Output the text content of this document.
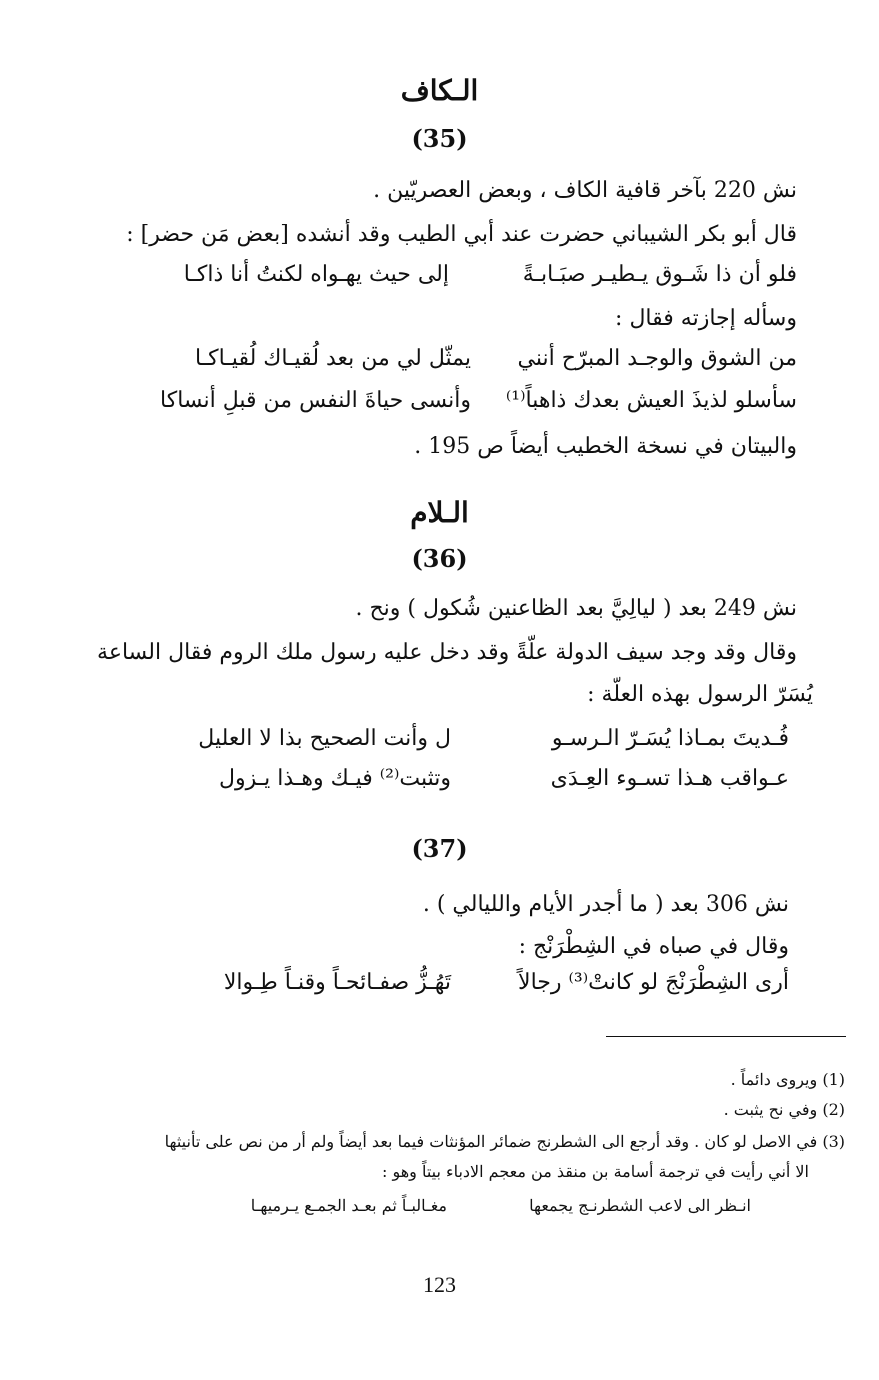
الـكاف
(35)
نش 220 بآخر قافية الكاف ، وبعض العصريّين .
قال أبو بكر الشيباني حضرت عند أبي الطيب وقد أنشده [بعض مَن حضر] :
فلو أن ذا شَـوق يـطيـر صبَـابـةً
إلى حيث يهـواه لكنتُ أنا ذاكـا
وسأله إجازته فقال :
من الشوق والوجـد المبرّح أنني
يمثّل لي من بعد لُقيـاك لُقيـاكـا
سأسلو لذيذَ العيش بعدك ذاهباً⁽¹⁾
وأنسى حياةَ النفس من قبلِ أنساكا
والبيتان في نسخة الخطيب أيضاً ص 195 .
الـلام
(36)
نش 249 بعد ( ليالِيَّ بعد الظاعنين شُكول ) ونح .
وقال وقد وجد سيف الدولة علّةً وقد دخل عليه رسول ملك الروم فقال الساعة
يُسَرّ الرسول بهذه العلّة :
فُـديتَ بمـاذا يُسَـرّ الـرسـو
ل وأنت الصحيح بذا لا العليل
عـواقب هـذا تسـوء العِـدَى
وتثبت⁽²⁾ فيـك وهـذا يـزول
(37)
نش 306 بعد ( ما أجدر الأيام والليالي ) .
وقال في صباه في الشِطْرَنْج :
أرى الشِطْرَنْجَ لو كانتْ⁽³⁾ رجالاً
تَهُـزُّ صفـائحـاً وقنـاً طِـوالا
(1) ويروى دائماً .
(2) وفي نح يثبت .
(3) في الاصل لو كان . وقد أرجع الى الشطرنج ضمائر المؤنثات فيما بعد أيضاً ولم أر من نص على تأنيثها
الا أني رأيت في ترجمة أسامة بن منقذ من معجم الادباء بيتاً وهو :
انـظر الى لاعب الشطرنـج يجمعها
مغـالبـاً ثم بعـد الجمـع يـرميهـا
123
